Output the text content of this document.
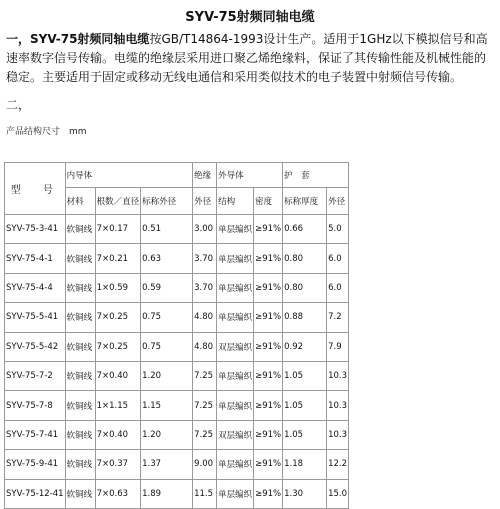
SYV-75射频同轴电缆
一，SYV-75射频同轴电缆按GB/T14864-1993设计生产。适用于1GHz以下模拟信号和高速率数字信号传输。电缆的绝缘层采用进口聚乙烯绝缘料，保证了其传输性能及机械性能的稳定。主要适用于固定或移动无线电通信和采用类似技术的电子装置中射频信号传输。
二，
产品结构尺寸　mm
型　号	内导体			绝缘	外导体		护　套	
	材料	根数／直径	标称外径	外径	结构	密度	标称厚度	外径
SYV-75-3-41	软铜线	7×0.17	0.51	3.00	单层编织	≥91%	0.66	5.0
SYV-75-4-1	软铜线	7×0.21	0.63	3.70	单层编织	≥91%	0.80	6.0
SYV-75-4-4	软铜线	1×0.59	0.59	3.70	单层编织	≥91%	0.80	6.0
SYV-75-5-41	软铜线	7×0.25	0.75	4.80	单层编织	≥91%	0.88	7.2
SYV-75-5-42	软铜线	7×0.25	0.75	4.80	双层编织	≥91%	0.92	7.9
SYV-75-7-2	软铜线	7×0.40	1.20	7.25	单层编织	≥91%	1.05	10.3
SYV-75-7-8	软铜线	1×1.15	1.15	7.25	单层编织	≥91%	1.05	10.3
SYV-75-7-41	软铜线	7×0.40	1.20	7.25	双层编织	≥91%	1.05	10.3
SYV-75-9-41	软铜线	7×0.37	1.37	9.00	单层编织	≥91%	1.18	12.2
SYV-75-12-41	软铜线	7×0.63	1.89	11.5	单层编织	≥91%	1.30	15.0
